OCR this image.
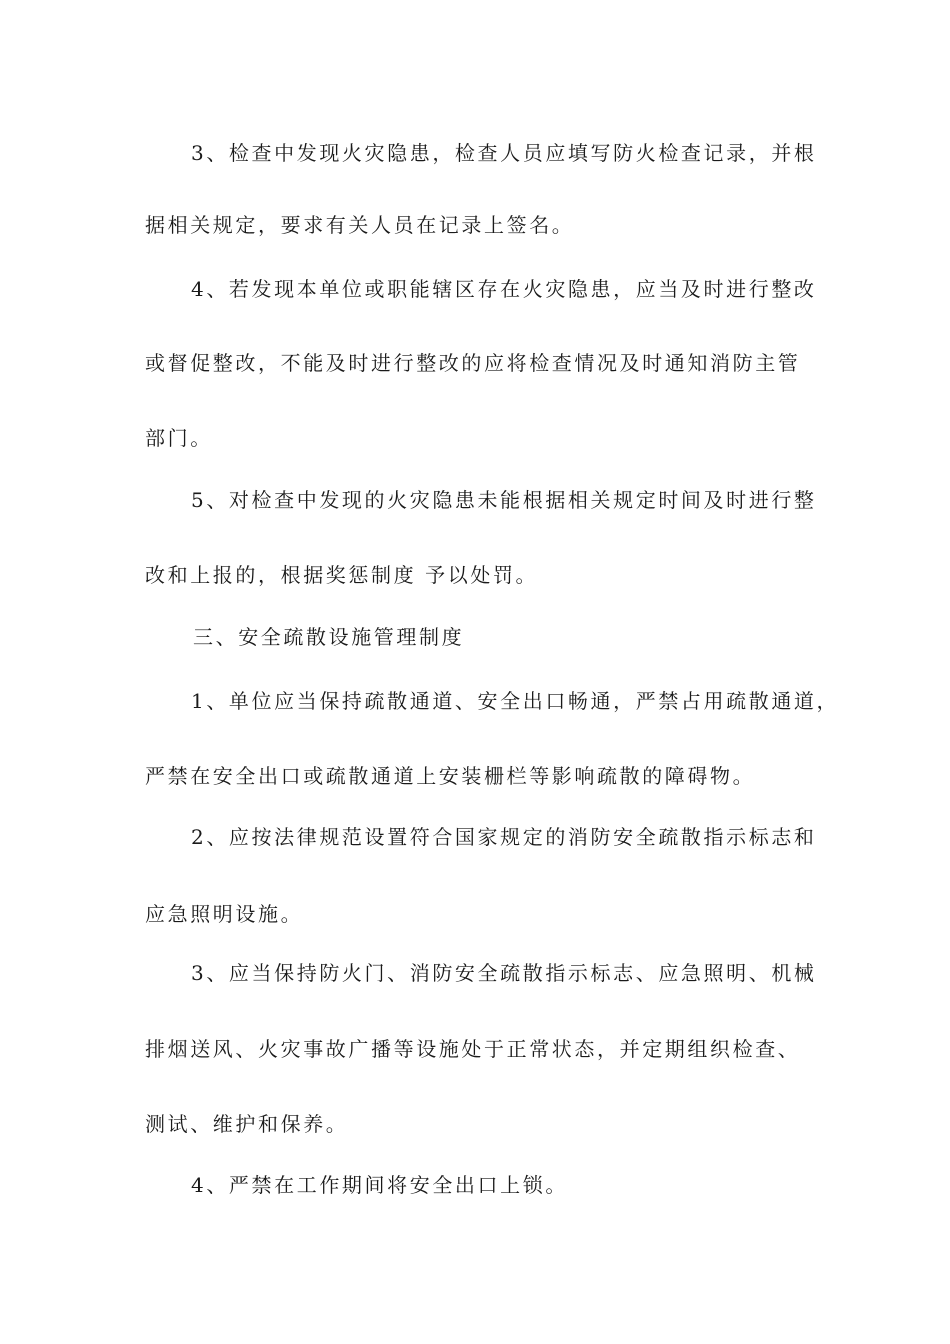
3、检查中发现火灾隐患，检查人员应填写防火检查记录，并根
据相关规定，要求有关人员在记录上签名。
4、若发现本单位或职能辖区存在火灾隐患，应当及时进行整改
或督促整改，不能及时进行整改的应将检查情况及时通知消防主管
部门。
5、对检查中发现的火灾隐患未能根据相关规定时间及时进行整
改和上报的，根据奖惩制度 予以处罚。
三、安全疏散设施管理制度
1、单位应当保持疏散通道、安全出口畅通，严禁占用疏散通道，
严禁在安全出口或疏散通道上安装栅栏等影响疏散的障碍物。
2、应按法律规范设置符合国家规定的消防安全疏散指示标志和
应急照明设施。
3、应当保持防火门、消防安全疏散指示标志、应急照明、机械
排烟送风、火灾事故广播等设施处于正常状态，并定期组织检查、
测试、维护和保养。
4、严禁在工作期间将安全出口上锁。
